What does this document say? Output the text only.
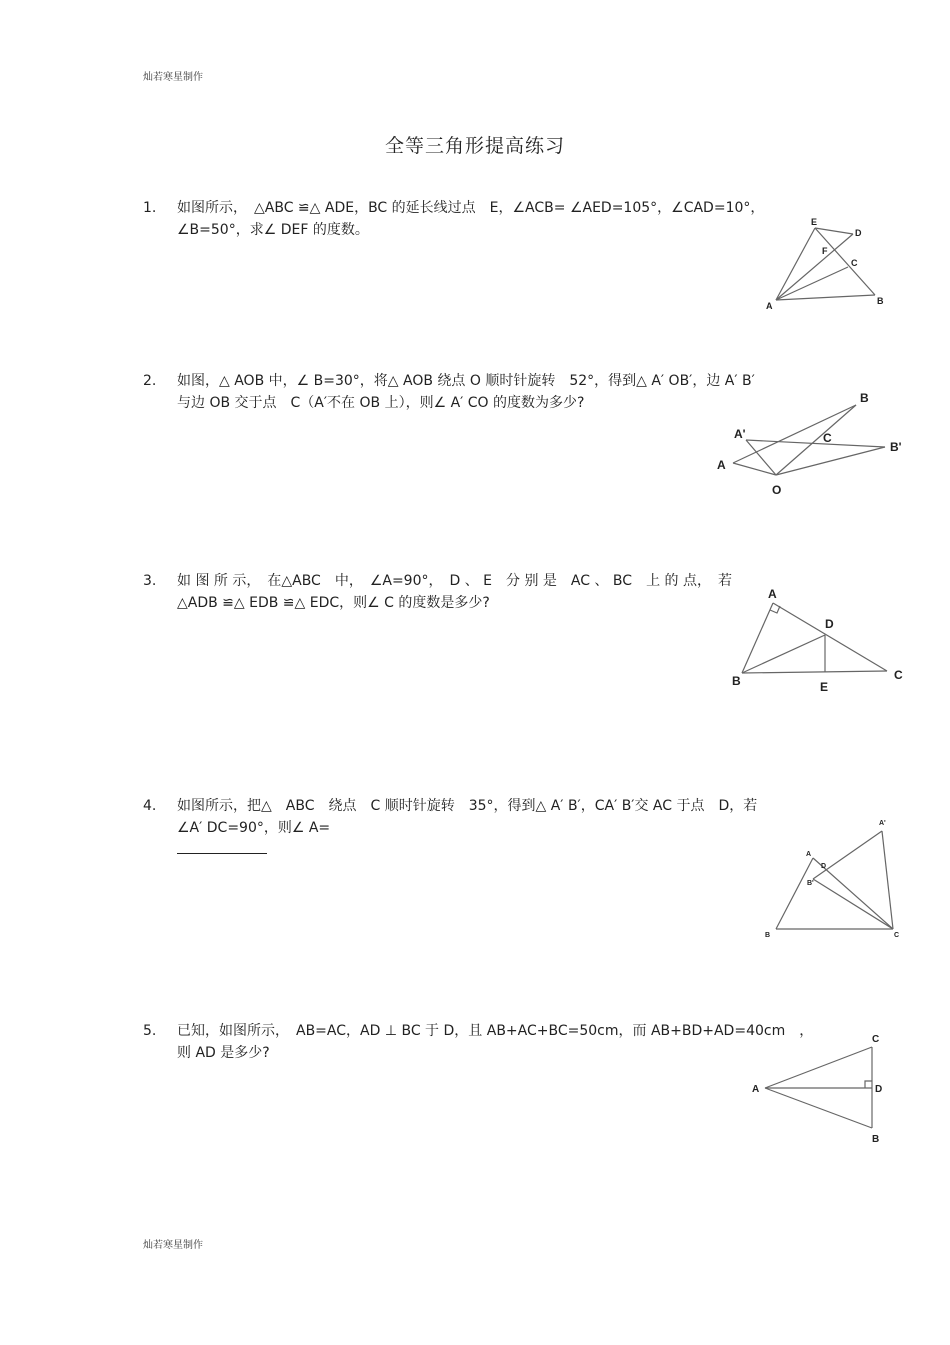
灿若寒星制作
全等三角形提高练习
1.	如图所示，　△ABC ≌△ ADE，BC 的延长线过点　E，∠ACB= ∠AED=105°，∠CAD=10°，
∠B=50°，求∠ DEF 的度数。	E
D
F
C
A	B
2.	如图，△ AOB 中，∠ B=30°，将△ AOB 绕点 O 顺时针旋转　52°，得到△ A′ OB′，边 A′ B′
与边 OB 交于点　C（A′不在 OB 上），则∠ A′ CO 的度数为多少?	B
A'	C
B'
A
O
3.	如 图 所 示，　在△ABC　中，　∠A=90°，　D 、 E　分 别 是　AC 、 BC　上 的 点，　若
△ADB ≌△ EDB ≌△ EDC，则∠ C 的度数是多少?
A
D
B	E
C
4.	如图所示，把△　ABC　绕点　C 顺时针旋转　35°，得到△ A′ B′，CA′ B′交 AC 于点　D，若
∠A′ DC=90°，则∠ A=	A'
A
D
B'
B	C
5.	已知，如图所示，　AB=AC，AD ⊥ BC 于 D，且 AB+AC+BC=50cm，而 AB+BD+AD=40cm　，
则 AD 是多少?
C
A	D
B
灿若寒星制作
